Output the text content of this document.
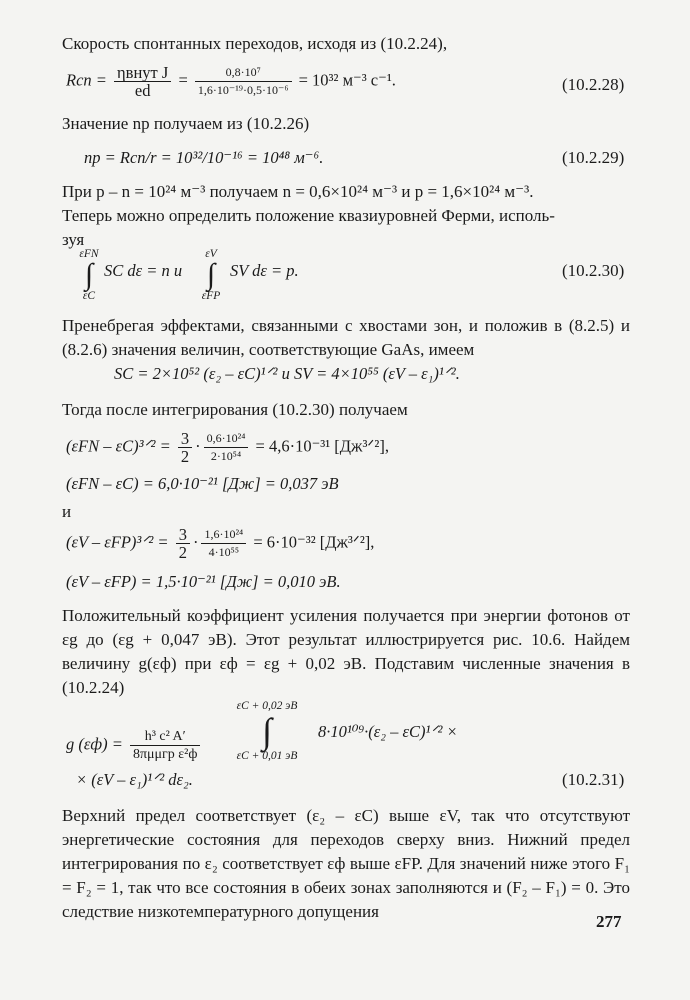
Скорость спонтанных переходов, исходя из (10.2.24),
Rсп = $\frac{\text{ηвнут J}}{ed} = \frac{\text{0,8·10⁷}}{\text{1,6·10⁻¹⁹·0,5·10⁻⁶}} = 10^{32}$ м⁻³ с⁻¹.	(10.2.28)
Значение np получаем из (10.2.26)
np = Rсп/r = 10³²/10⁻¹⁶ = 10⁴⁸ м⁻⁶.	(10.2.29)
При p – n = 10²⁴ м⁻³ получаем n = 0,6×10²⁴ м⁻³ и p = 1,6×10²⁴ м⁻³.
Теперь можно определить положение квазиуровней Ферми, исполь-
зуя
εFN
∫
εC
SC dε = n и
εV
∫
εFP
SV dε = p.	(10.2.30)
Пренебрегая эффектами, связанными с хвостами зон, и положив в (8.2.5) и (8.2.6) значения величин, соответствующие GaAs, имеем
SC = 2×10⁵² (ε₂ – εC)¹ᐟ² и SV = 4×10⁵⁵ (εV – ε₁)¹ᐟ².
Тогда после интегрирования (10.2.30) получаем
(εFN – εC)³ᐟ² = $\frac{3}{2} \cdot \frac{\text{0,6·10²⁴}}{\text{2·10⁵⁴}} = 4,6\cdot 10^{-31}$ [Дж³ᐟ²],
(εFN – εC) = 6,0·10⁻²¹ [Дж] = 0,037 эВ
и
(εV – εFP)³ᐟ² = $\frac{3}{2} \cdot \frac{\text{1,6·10²⁴}}{\text{4·10⁵⁵}} = 6\cdot 10^{-32}$ [Дж³ᐟ²],
(εV – εFP) = 1,5·10⁻²¹ [Дж] = 0,010 эВ.
Положительный коэффициент усиления получается при энергии фотонов от εg до (εg + 0,047 эВ). Этот результат иллюстрируется рис. 10.6. Найдем величину g(εф) при εф = εg + 0,02 эВ. Подставим численные значения в (10.2.24)
g $(\varepsilon ф) = \frac{\text{h³ c² A′}}{\text{8πμμгр ε²ф}}$
εC + 0,02 эВ
∫
εC + 0,01 эВ
8·10¹⁰⁹·(ε₂ – εC)¹ᐟ² ×
× (εV – ε₁)¹ᐟ² dε₂.	(10.2.31)
Верхний предел соответствует (ε₂ – εC) выше εV, так что отсутствуют энергетические состояния для переходов сверху вниз. Нижний предел интегрирования по ε₂ соответствует εф выше εFP. Для значений ниже этого F₁ = F₂ = 1, так что все состояния в обеих зонах заполняются и (F₂ – F₁) = 0. Это следствие низкотемпературного допущения
277
